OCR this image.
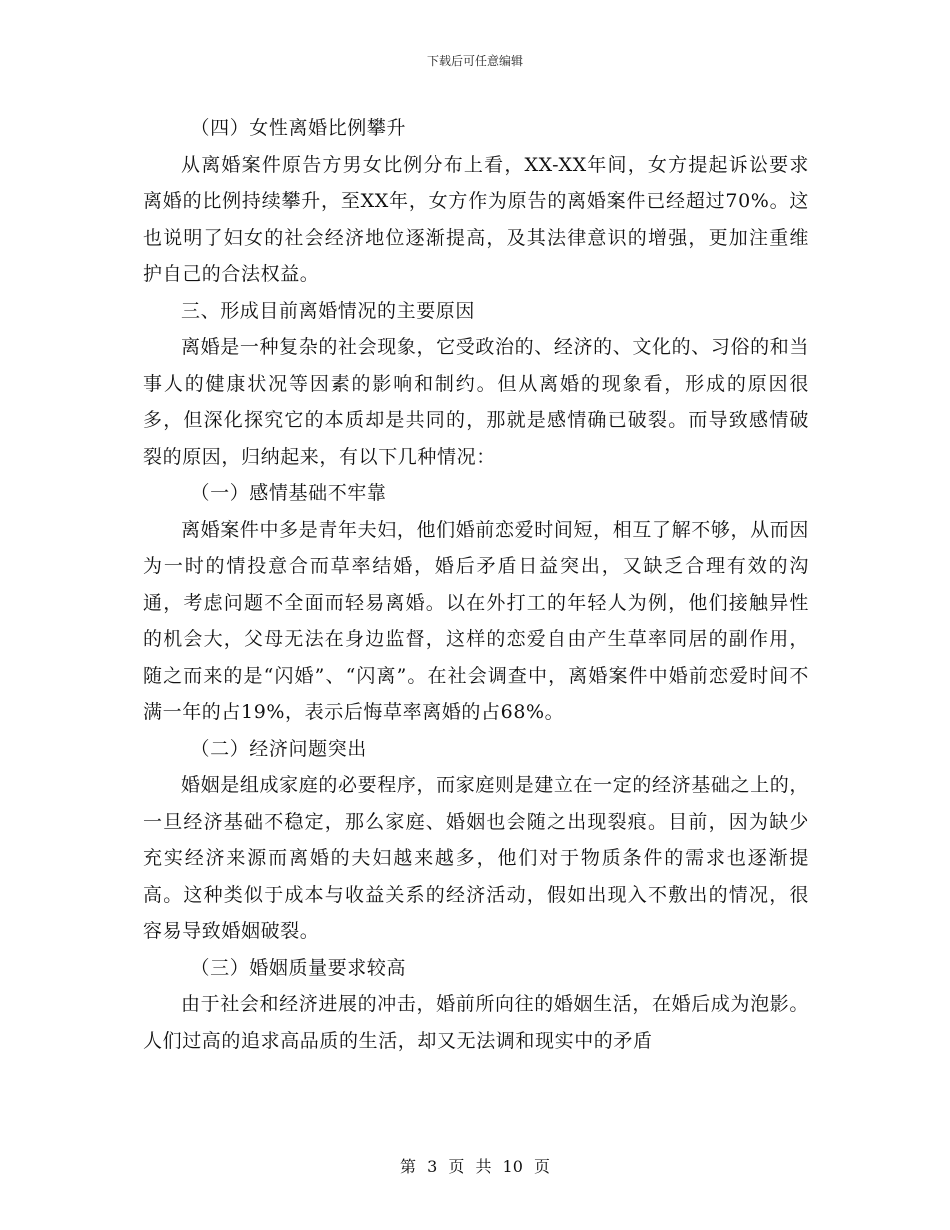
下载后可任意编辑

（四）女性离婚比例攀升

从离婚案件原告方男女比例分布上看，XX-XX年间，女方提起诉讼要求离婚的比例持续攀升，至XX年，女方作为原告的离婚案件已经超过70%。这也说明了妇女的社会经济地位逐渐提高，及其法律意识的增强，更加注重维护自己的合法权益。

三、形成目前离婚情况的主要原因

离婚是一种复杂的社会现象，它受政治的、经济的、文化的、习俗的和当事人的健康状况等因素的影响和制约。但从离婚的现象看，形成的原因很多，但深化探究它的本质却是共同的，那就是感情确已破裂。而导致感情破裂的原因，归纳起来，有以下几种情况：

（一）感情基础不牢靠

离婚案件中多是青年夫妇，他们婚前恋爱时间短，相互了解不够，从而因为一时的情投意合而草率结婚，婚后矛盾日益突出，又缺乏合理有效的沟通，考虑问题不全面而轻易离婚。以在外打工的年轻人为例，他们接触异性的机会大，父母无法在身边监督，这样的恋爱自由产生草率同居的副作用，随之而来的是“闪婚”、“闪离”。在社会调查中，离婚案件中婚前恋爱时间不满一年的占19%，表示后悔草率离婚的占68%。

（二）经济问题突出

婚姻是组成家庭的必要程序，而家庭则是建立在一定的经济基础之上的，一旦经济基础不稳定，那么家庭、婚姻也会随之出现裂痕。目前，因为缺少充实经济来源而离婚的夫妇越来越多，他们对于物质条件的需求也逐渐提高。这种类似于成本与收益关系的经济活动，假如出现入不敷出的情况，很容易导致婚姻破裂。

（三）婚姻质量要求较高

由于社会和经济进展的冲击，婚前所向往的婚姻生活，在婚后成为泡影。人们过高的追求高品质的生活，却又无法调和现实中的矛盾

第 3 页 共 10 页
